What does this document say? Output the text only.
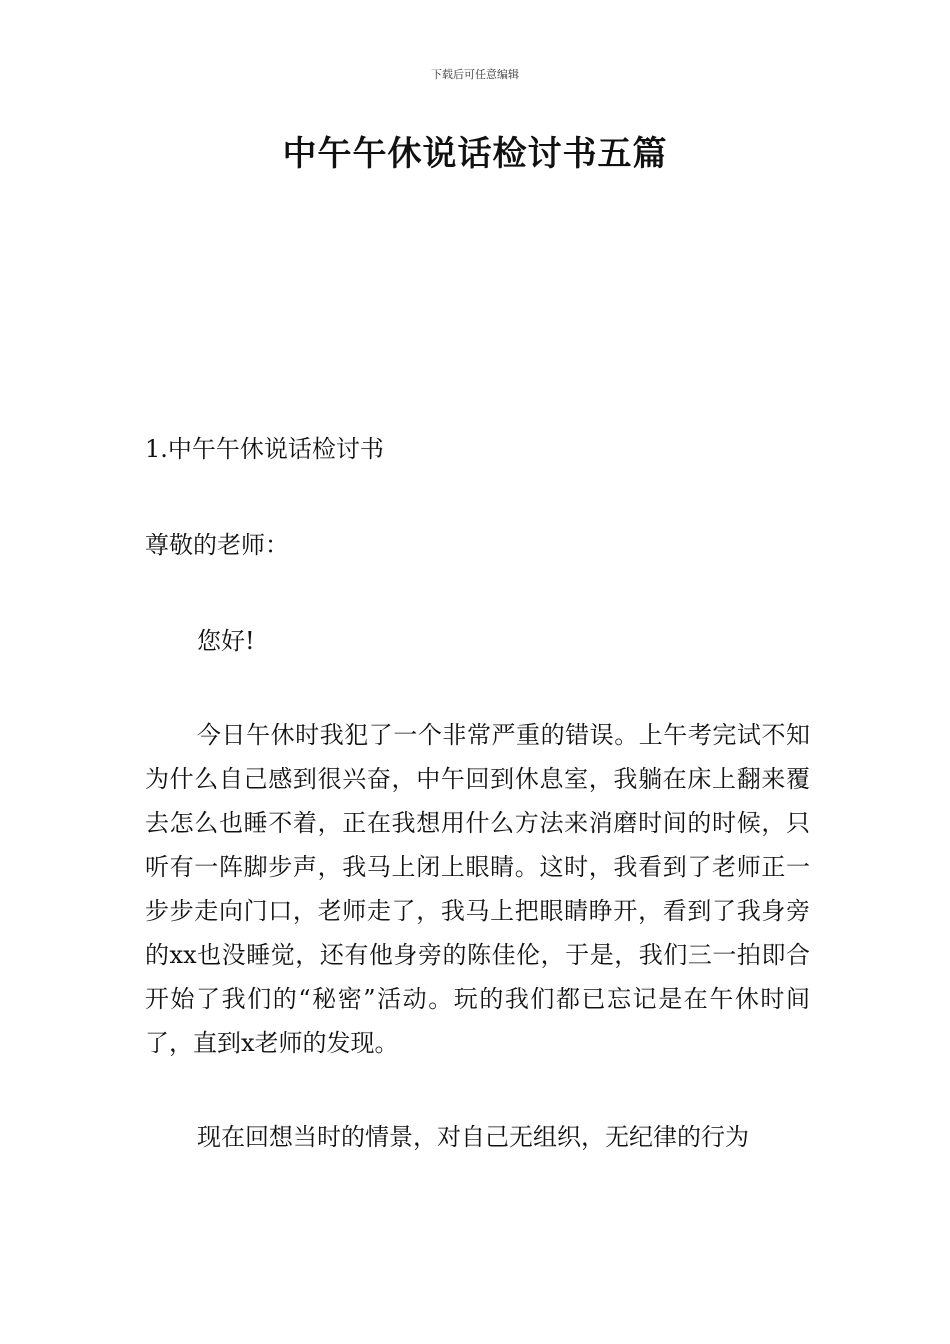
下载后可任意编辑
中午午休说话检讨书五篇
1.中午午休说话检讨书

尊敬的老师：

您好!

今日午休时我犯了一个非常严重的错误。上午考完试不知为什么自己感到很兴奋，中午回到休息室，我躺在床上翻来覆去怎么也睡不着，正在我想用什么方法来消磨时间的时候，只听有一阵脚步声，我马上闭上眼睛。这时，我看到了老师正一步步走向门口，老师走了，我马上把眼睛睁开，看到了我身旁的xx也没睡觉，还有他身旁的陈佳伦，于是，我们三一拍即合开始了我们的“秘密”活动。玩的我们都已忘记是在午休时间了，直到x老师的发现。

现在回想当时的情景，对自己无组织，无纪律的行为
